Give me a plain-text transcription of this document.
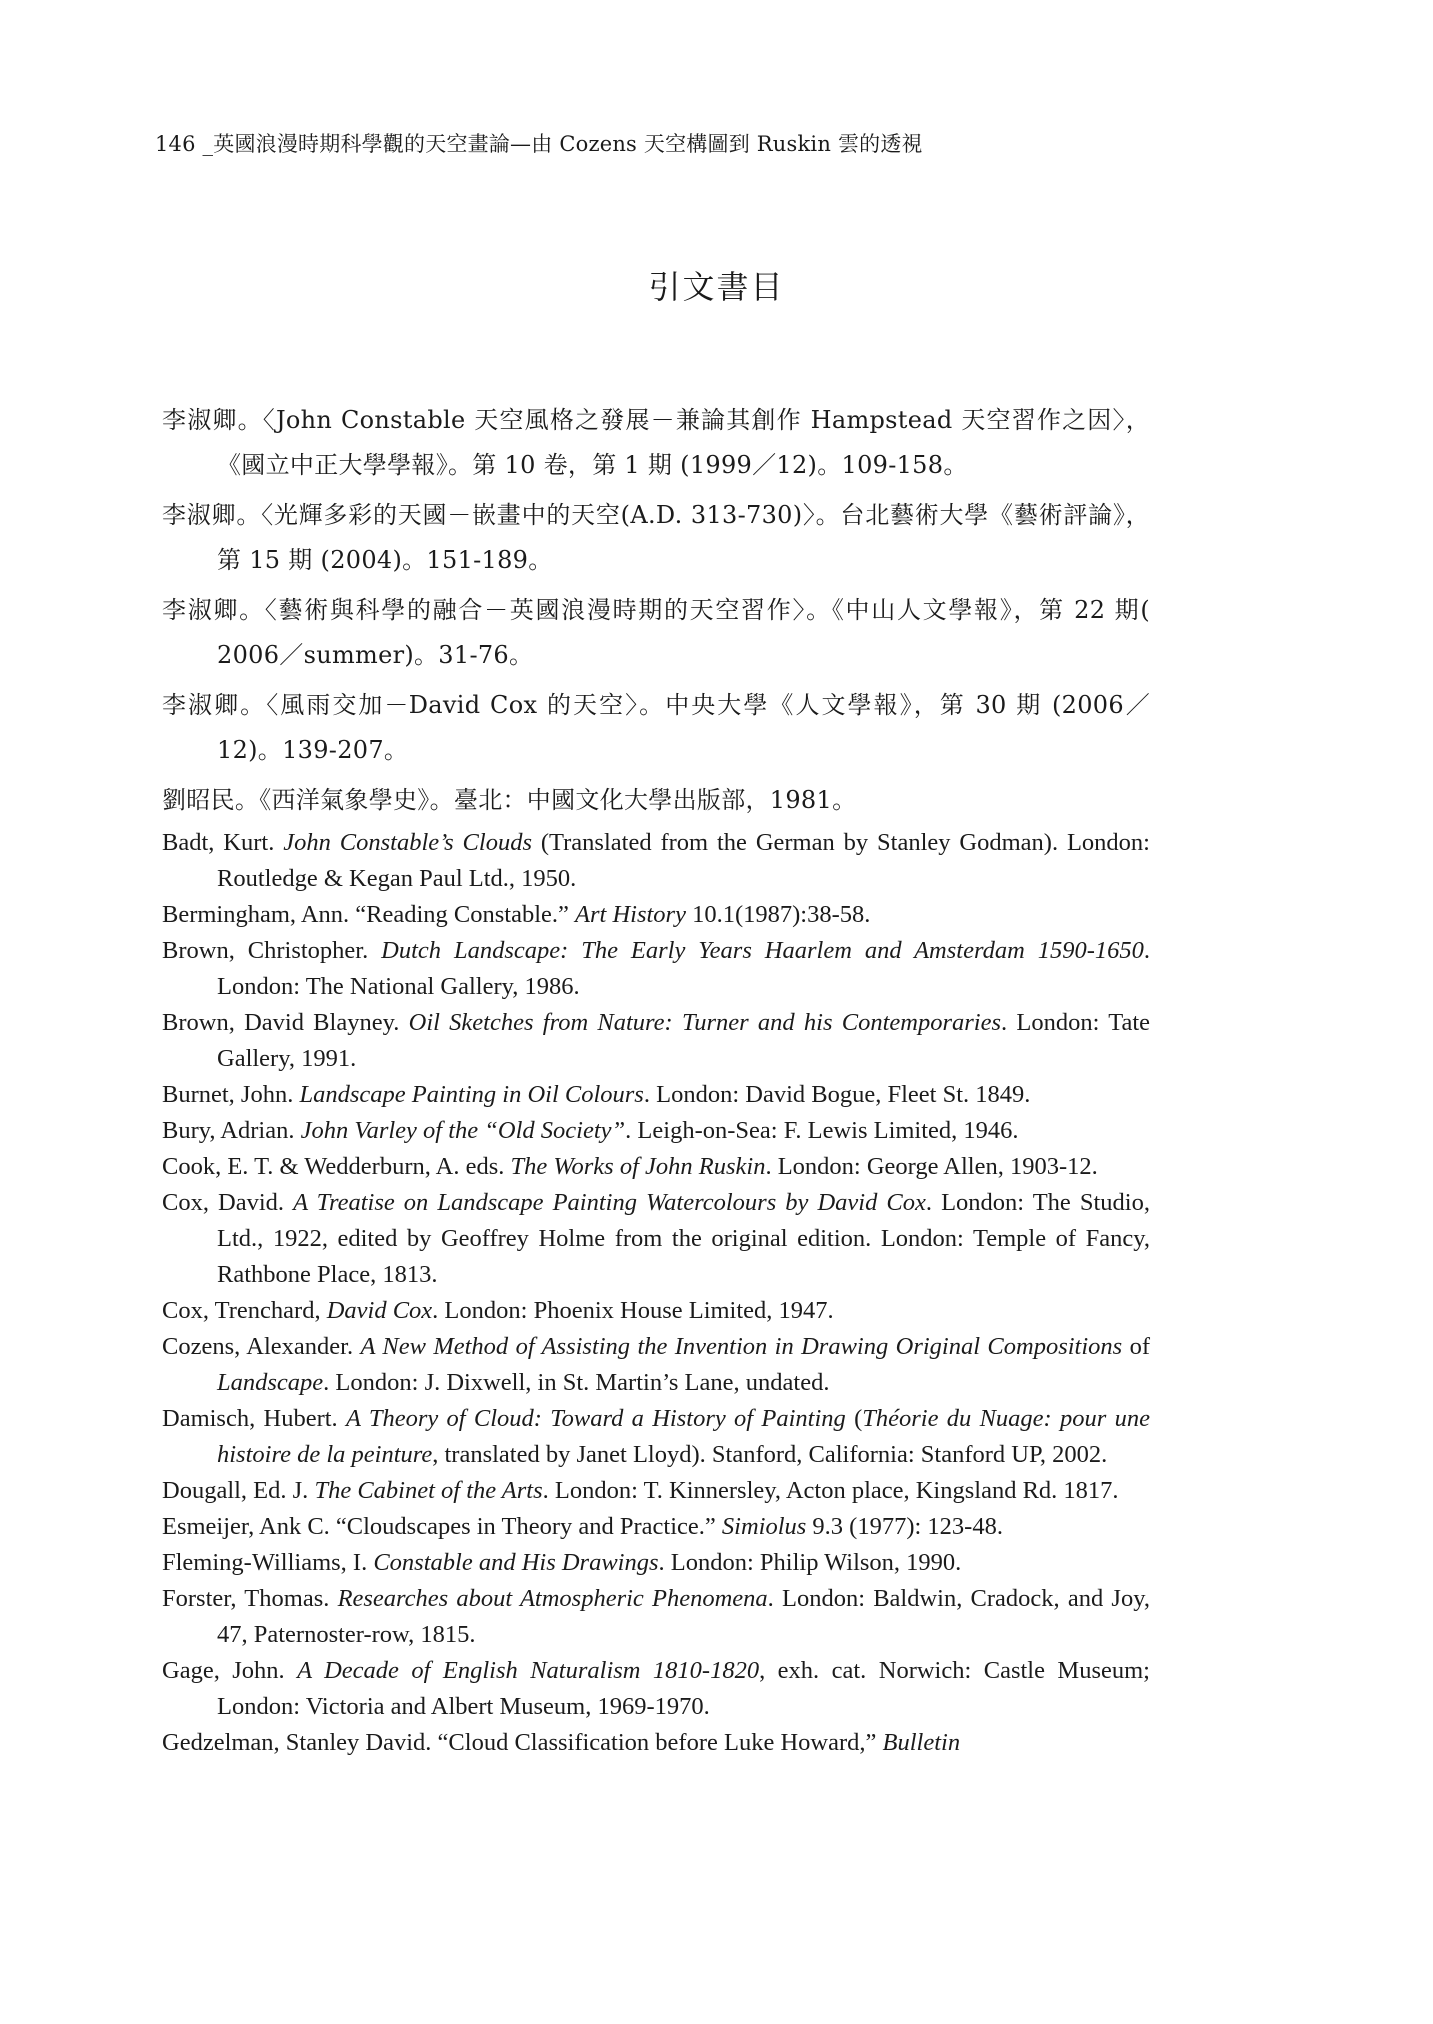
146 _英國浪漫時期科學觀的天空畫論—由 Cozens 天空構圖到 Ruskin 雲的透視
引文書目

李淑卿。〈John Constable 天空風格之發展－兼論其創作 Hampstead 天空習作之因〉，《國立中正大學學報》。第 10 卷，第 1 期 (1999／12)。109-158。

李淑卿。〈光輝多彩的天國－嵌畫中的天空(A.D. 313-730)〉。台北藝術大學《藝術評論》，第 15 期 (2004)。151-189。

李淑卿。〈藝術與科學的融合－英國浪漫時期的天空習作〉。《中山人文學報》，第 22 期( 2006／summer)。31-76。

李淑卿。〈風雨交加－David Cox 的天空〉。中央大學《人文學報》，第 30 期 (2006／12)。139-207。

劉昭民。《西洋氣象學史》。臺北：中國文化大學出版部，1981。

Badt, Kurt. John Constable’s Clouds (Translated from the German by Stanley Godman). London: Routledge & Kegan Paul Ltd., 1950.

Bermingham, Ann. “Reading Constable.” Art History 10.1(1987):38-58.

Brown, Christopher. Dutch Landscape: The Early Years Haarlem and Amsterdam 1590-1650. London: The National Gallery, 1986.

Brown, David Blayney. Oil Sketches from Nature: Turner and his Contemporaries. London: Tate Gallery, 1991.

Burnet, John. Landscape Painting in Oil Colours. London: David Bogue, Fleet St. 1849.

Bury, Adrian. John Varley of the “Old Society”. Leigh-on-Sea: F. Lewis Limited, 1946.

Cook, E. T. & Wedderburn, A. eds. The Works of John Ruskin. London: George Allen, 1903-12.

Cox, David. A Treatise on Landscape Painting Watercolours by David Cox. London: The Studio, Ltd., 1922, edited by Geoffrey Holme from the original edition. London: Temple of Fancy, Rathbone Place, 1813.

Cox, Trenchard, David Cox. London: Phoenix House Limited, 1947.

Cozens, Alexander. A New Method of Assisting the Invention in Drawing Original Compositions of Landscape. London: J. Dixwell, in St. Martin’s Lane, undated.

Damisch, Hubert. A Theory of Cloud: Toward a History of Painting (Théorie du Nuage: pour une histoire de la peinture, translated by Janet Lloyd). Stanford, California: Stanford UP, 2002.

Dougall, Ed. J. The Cabinet of the Arts. London: T. Kinnersley, Acton place, Kingsland Rd. 1817.

Esmeijer, Ank C. “Cloudscapes in Theory and Practice.” Simiolus 9.3 (1977): 123-48.

Fleming-Williams, I. Constable and His Drawings. London: Philip Wilson, 1990.

Forster, Thomas. Researches about Atmospheric Phenomena. London: Baldwin, Cradock, and Joy, 47, Paternoster-row, 1815.

Gage, John. A Decade of English Naturalism 1810-1820, exh. cat. Norwich: Castle Museum; London: Victoria and Albert Museum, 1969-1970.

Gedzelman, Stanley David. “Cloud Classification before Luke Howard,” Bulletin
